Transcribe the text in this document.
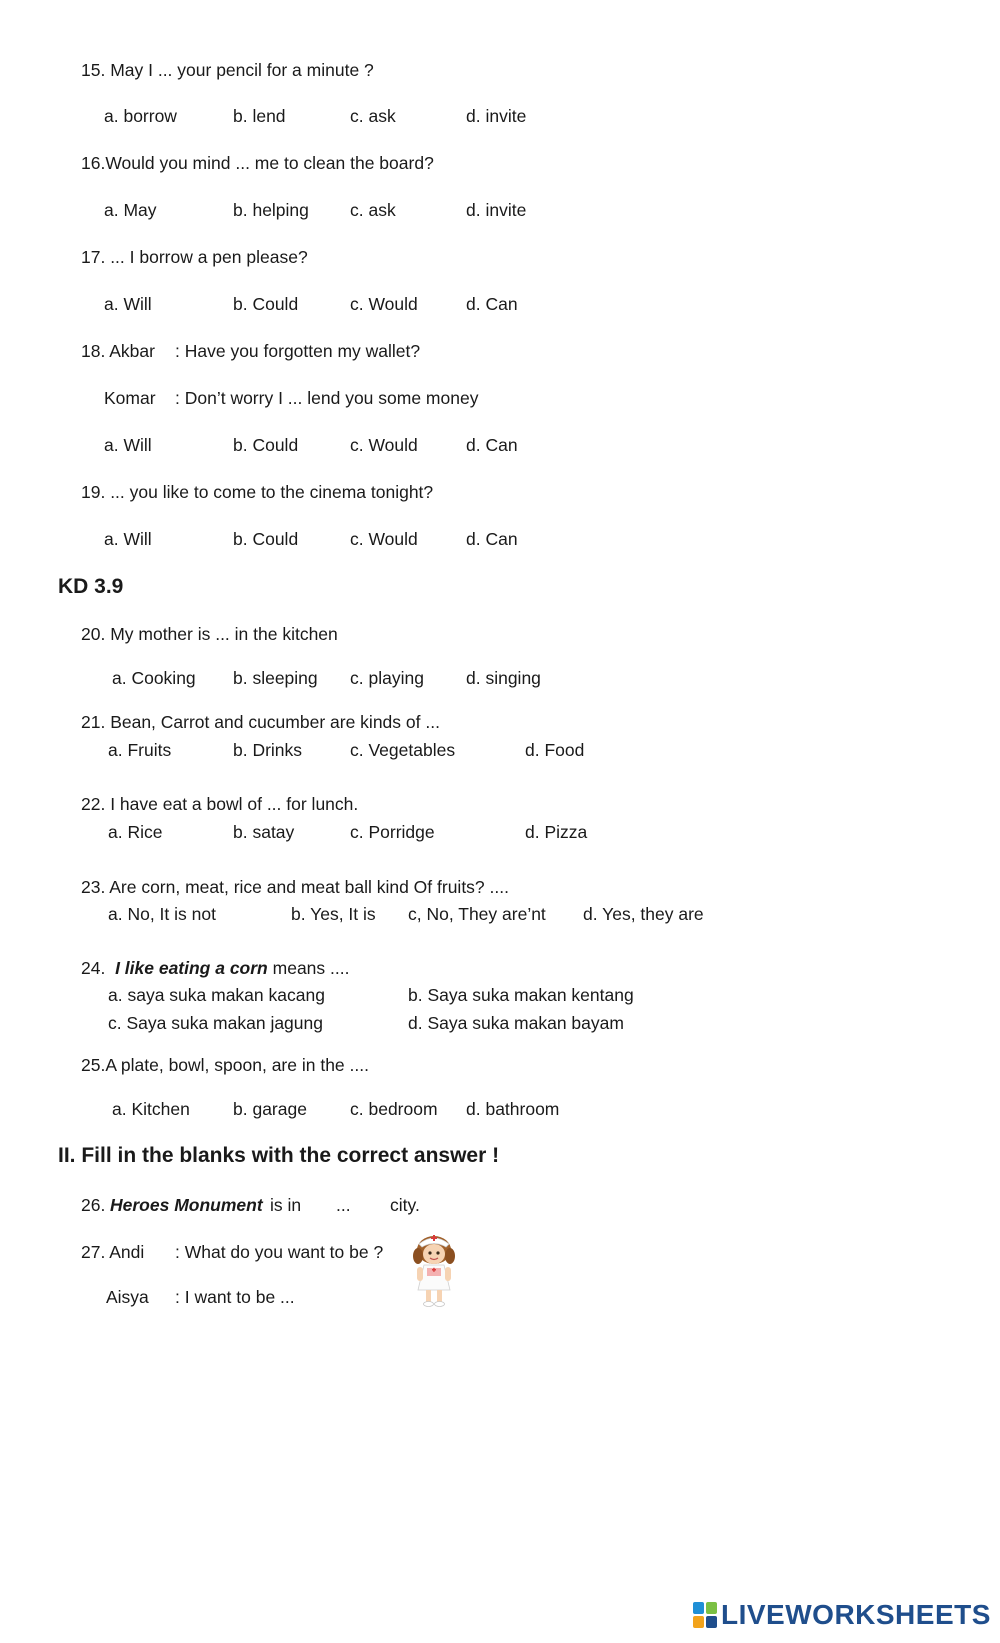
15. May I ... your pencil for a minute ?
a. borrow	b. lend	c. ask	d. invite
16.Would you mind ... me to clean the board?
a. May	b. helping c. ask	d. invite
17. ... I borrow a pen please?
a. Will	b. Could	c. Would	d. Can
18. Akbar : Have you forgotten my wallet?
Komar : Don’t worry I ... lend you some money
a. Will	b. Could	c. Would	d. Can
19. ... you like to come to the cinema tonight?
a. Will	b. Could	c. Would	d. Can
KD 3.9
20. My mother is ... in the kitchen
a. Cooking b. sleeping c. playing d. singing
21. Bean, Carrot and cucumber are kinds of ...
a. Fruits	b. Drinks	c. Vegetables	d. Food
22. I have eat a bowl of ... for lunch.
a. Rice	b. satay	c. Porridge	d. Pizza
23. Are corn, meat, rice and meat ball kind Of fruits? ....
a. No, It is not	b. Yes, It is c, No, They are’nt d. Yes, they are
24. I like eating a corn means ....
a. saya suka makan kacang	b. Saya suka makan kentang
c. Saya suka makan jagung	d. Saya suka makan bayam
25.A plate, bowl, spoon, are in the ....
a. Kitchen b. garage c. bedroom d. bathroom
II. Fill in the blanks with the correct answer !
26. Heroes Monument is in ... city.
27. Andi : What do you want to be ?
Aisya : I want to be ...
LIVEWORKSHEETS
